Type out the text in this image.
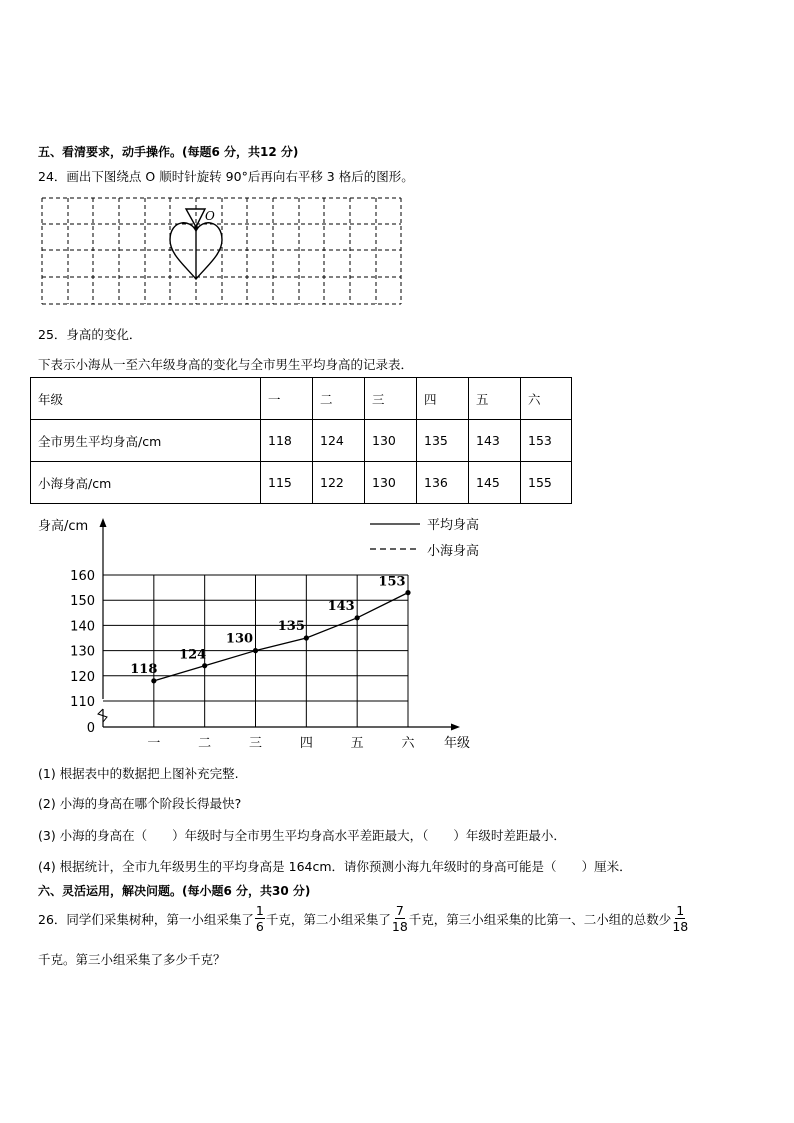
五、看清要求，动手操作。(每题6 分，共12 分)
24．画出下图绕点 O 顺时针旋转 90°后再向右平移 3 格后的图形。
O
25．身高的变化．
下表示小海从一至六年级身高的变化与全市男生平均身高的记录表．
年级	一	二	三	四	五	六
全市男生平均身高/cm	118	124	130	135	143	153
小海身高/cm	115	122	130	136	145	155
身高/cm
年级
平均身高
小海身高
0
110
120
130
140
150
160
一	二	三	四	五	六
118
124
130
135
143
153
(1) 根据表中的数据把上图补充完整.
(2) 小海的身高在哪个阶段长得最快?
(3) 小海的身高在（　　）年级时与全市男生平均身高水平差距最大，（　　）年级时差距最小．
(4) 根据统计，全市九年级男生的平均身高是 164cm．请你预测小海九年级时的身高可能是（　　）厘米．
六、灵活运用，解决问题。(每小题6 分，共30 分)
26．同学们采集树种，第一小组采集了 $\frac{1}{6}$ 千克，第二小组采集了 $\frac{7}{18}$ 千克，第三小组采集的比第一、二小组的总数少 $\frac{1}{18}$
千克。第三小组采集了多少千克？
